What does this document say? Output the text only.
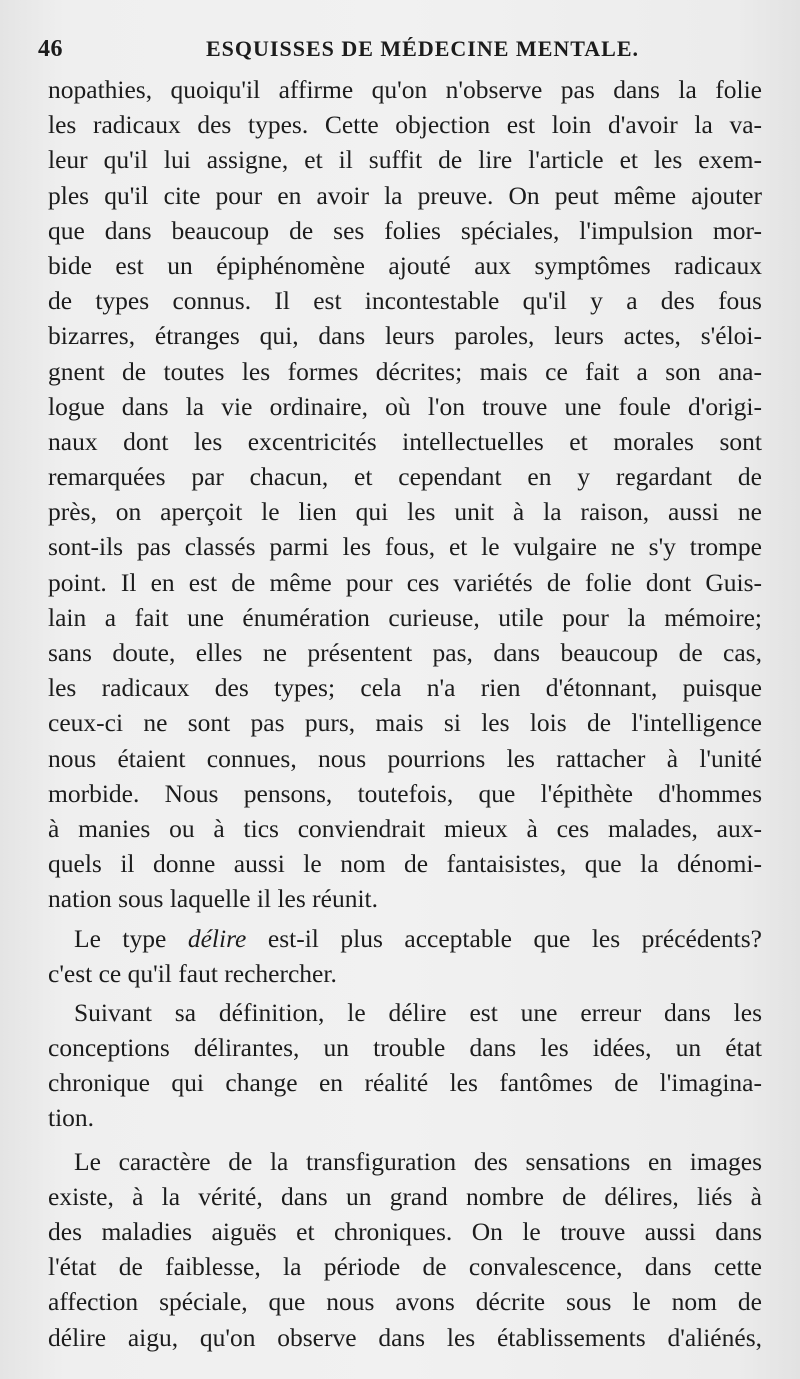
46	ESQUISSES DE MÉDECINE MENTALE.
nopathies, quoiqu'il affirme qu'on n'observe pas dans la folie
les radicaux des types. Cette objection est loin d'avoir la va-
leur qu'il lui assigne, et il suffit de lire l'article et les exem-
ples qu'il cite pour en avoir la preuve. On peut même ajouter
que dans beaucoup de ses folies spéciales, l'impulsion mor-
bide est un épiphénomène ajouté aux symptômes radicaux
de types connus. Il est incontestable qu'il y a des fous
bizarres, étranges qui, dans leurs paroles, leurs actes, s'éloi-
gnent de toutes les formes décrites; mais ce fait a son ana-
logue dans la vie ordinaire, où l'on trouve une foule d'origi-
naux dont les excentricités intellectuelles et morales sont
remarquées par chacun, et cependant en y regardant de
près, on aperçoit le lien qui les unit à la raison, aussi ne
sont-ils pas classés parmi les fous, et le vulgaire ne s'y trompe
point. Il en est de même pour ces variétés de folie dont Guis-
lain a fait une énumération curieuse, utile pour la mémoire;
sans doute, elles ne présentent pas, dans beaucoup de cas,
les radicaux des types; cela n'a rien d'étonnant, puisque
ceux-ci ne sont pas purs, mais si les lois de l'intelligence
nous étaient connues, nous pourrions les rattacher à l'unité
morbide. Nous pensons, toutefois, que l'épithète d'hommes
à manies ou à tics conviendrait mieux à ces malades, aux-
quels il donne aussi le nom de fantaisistes, que la dénomi-
nation sous laquelle il les réunit.
Le type délire est-il plus acceptable que les précédents?
c'est ce qu'il faut rechercher.
Suivant sa définition, le délire est une erreur dans les
conceptions délirantes, un trouble dans les idées, un état
chronique qui change en réalité les fantômes de l'imagina-
tion.
Le caractère de la transfiguration des sensations en images
existe, à la vérité, dans un grand nombre de délires, liés à
des maladies aiguës et chroniques. On le trouve aussi dans
l'état de faiblesse, la période de convalescence, dans cette
affection spéciale, que nous avons décrite sous le nom de
délire aigu, qu'on observe dans les établissements d'aliénés,
